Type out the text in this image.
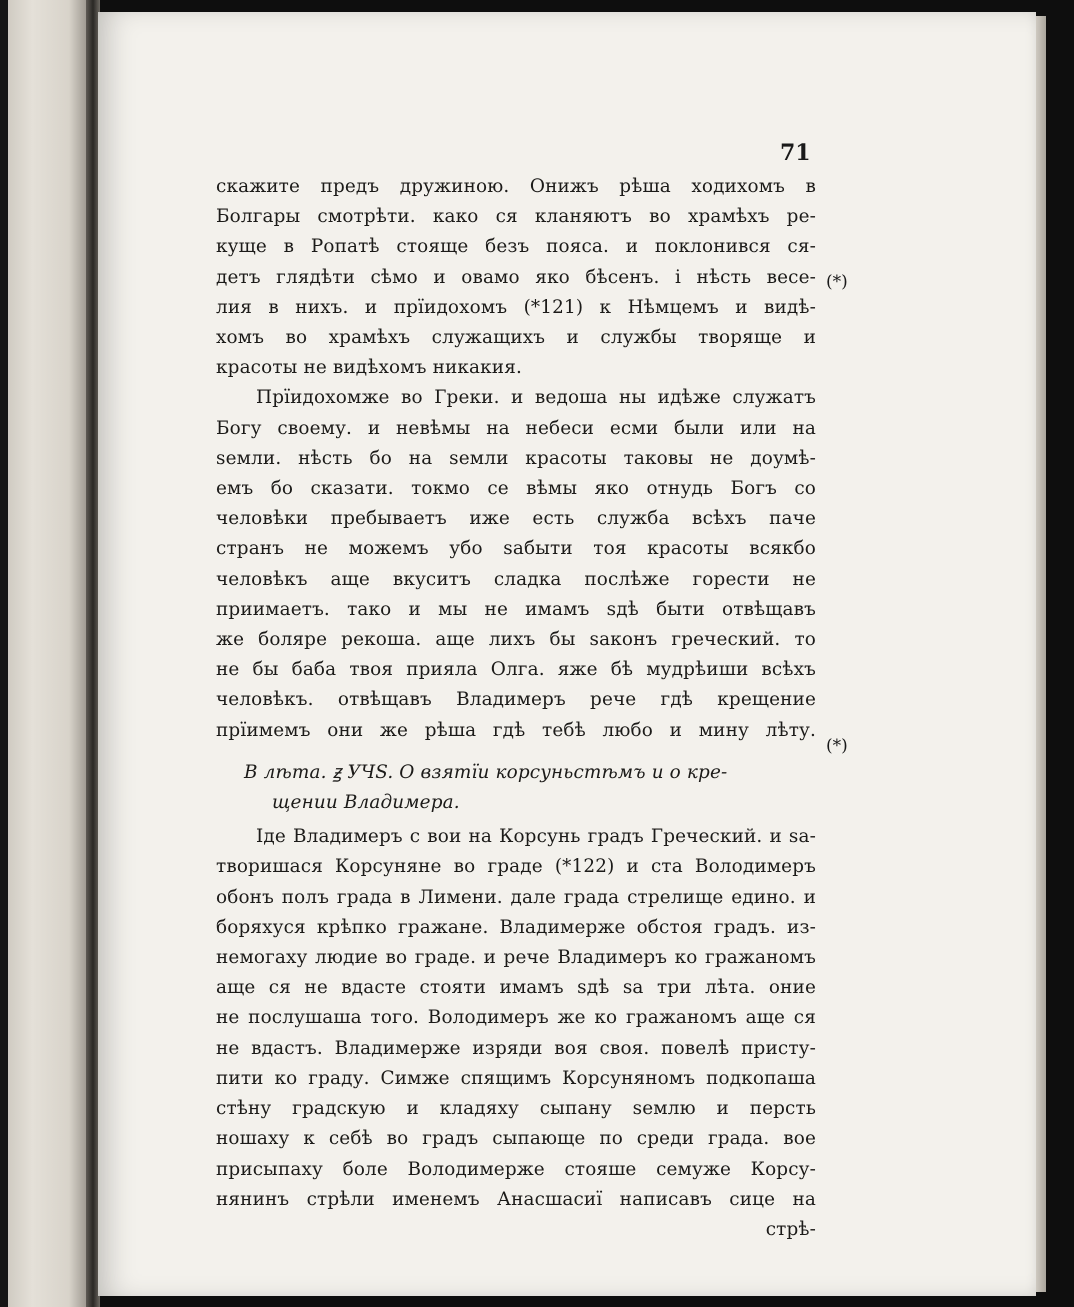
71
(*)
(*)
скажите предъ дружиною. Онижъ рѣша ходихомъ в
Болгары смотрѣти. како ся кланяютъ во храмѣхъ ре-
куще в Ропатѣ стояще безъ пояса. и поклонився ся-
детъ глядѣти сѣмо и овамо яко бѣсенъ. і нѣсть весе-
лия в нихъ. и прїидохомъ (*121) к Нѣмцемъ и видѣ-
хомъ во храмѣхъ служащихъ и службы творяще и
красоты не видѣхомъ никакия.
Прїидохомже во Греки. и ведоша ны идѣже служатъ
Богу своему. и невѣмы на небеси есми были или на
ѕемли. нѣсть бо на ѕемли красоты таковы не доумѣ-
емъ бо сказати. токмо се вѣмы яко отнудь Богъ со
человѣки пребываетъ иже есть служба всѣхъ паче
странъ не можемъ убо ѕабыти тоя красоты всякбо
человѣкъ аще вкуситъ сладка послѣже горести не
приимаетъ. тако и мы не имамъ ѕдѣ быти отвѣщавъ
же боляре рекоша. аще лихъ бы ѕаконъ греческий. то
не бы баба твоя прияла Олга. яже бѣ мудрѣиши всѣхъ
человѣкъ. отвѣщавъ Владимеръ рече гдѣ крещение
прїимемъ они же рѣша гдѣ тебѣ любо и мину лѣту.
В лѣта. ꙃ УЧS. О взятїи корсуньстѣмъ и о кре-
щении Владимера.
Іде Владимеръ с вои на Корсунь градъ Греческий. и ѕа-
творишася Корсуняне во граде (*122) и ста Володимеръ
обонъ полъ града в Лимени. дале града стрелище едино. и
боряхуся крѣпко гражане. Владимерже обстоя градъ. из-
немогаху людие во граде. и рече Владимеръ ко гражаномъ
аще ся не вдасте стояти имамъ ѕдѣ ѕа три лѣта. оние
не послушаша того. Володимеръ же ко гражаномъ аще ся
не вдастъ. Владимерже изряди воя своя. повелѣ присту-
пити ко граду. Симже спящимъ Корсуняномъ подкопаша
стѣну градскую и кладяху сыпану ѕемлю и персть
ношаху к себѣ во градъ сыпающе по среди града. вое
присыпаху боле Володимерже стояше семуже Корсу-
нянинъ стрѣли именемъ Анасшасиї написавъ сице на
стрѣ-
